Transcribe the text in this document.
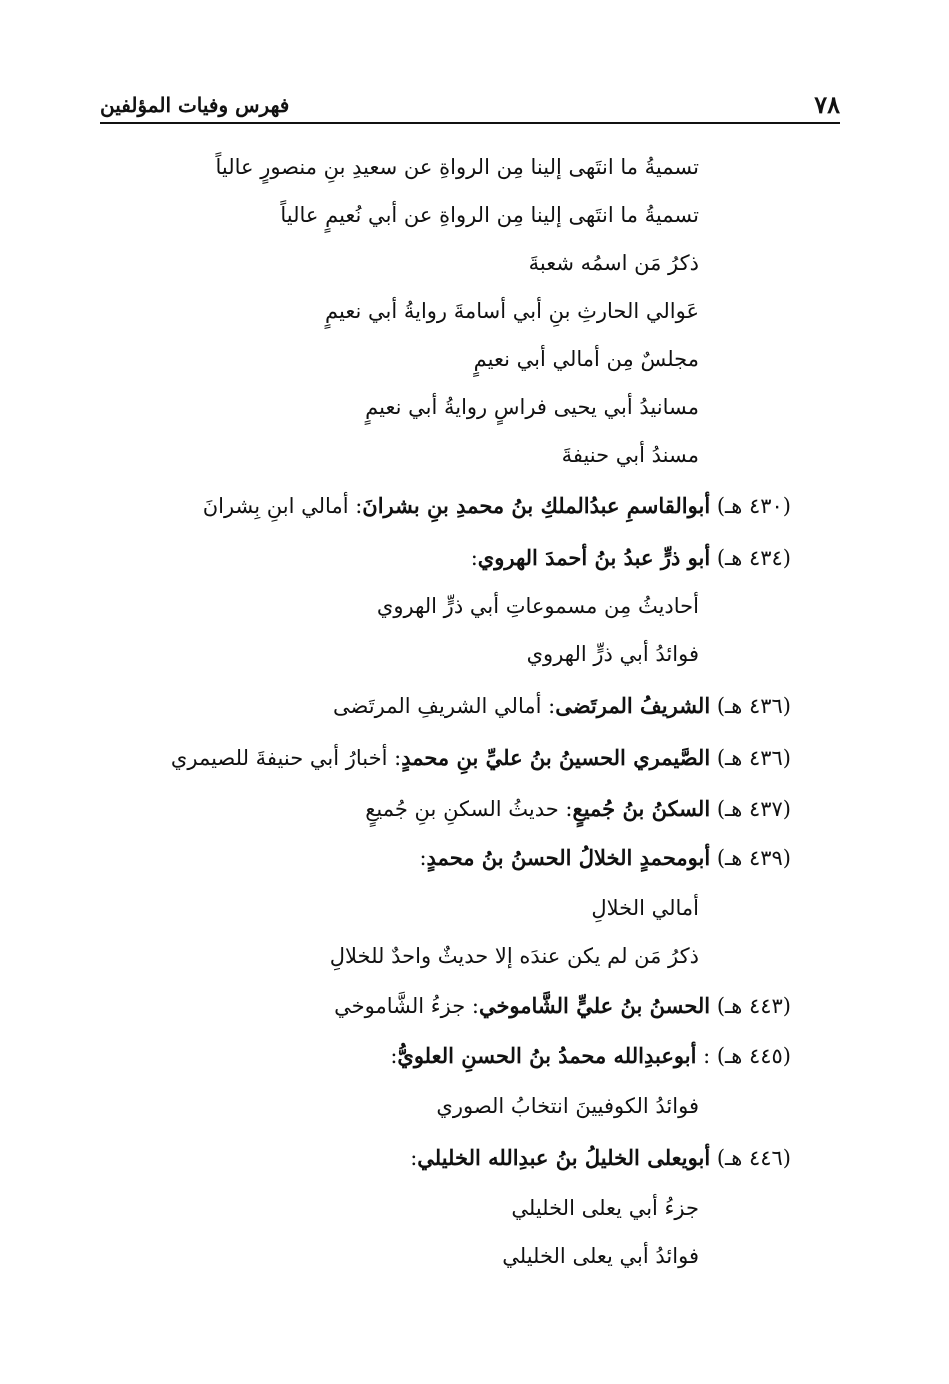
٧٨
فهرس وفيات المؤلفين
تسميةُ ما انتَهى إلينا مِن الرواةِ عن سعيدِ بنِ منصورٍ عالياً
تسميةُ ما انتَهى إلينا مِن الرواةِ عن أبي نُعيمٍ عالياً
ذكرُ مَن اسمُه شعبةَ
عَوالي الحارثِ بنِ أبي أسامةَ روايةُ أبي نعيمٍ
مجلسٌ مِن أمالي أبي نعيمٍ
مسانيدُ أبي يحيى فراسٍ روايةُ أبي نعيمٍ
مسندُ أبي حنيفةَ
(٤٣٠ هـ) أبوالقاسمِ عبدُالملكِ بنُ محمدِ بنِ بشرانَ: أمالي ابنِ بِشرانَ
(٤٣٤ هـ) أبو ذرٍّ عبدُ بنُ أحمدَ الهروي:
أحاديثُ مِن مسموعاتِ أبي ذرٍّ الهروي
فوائدُ أبي ذرٍّ الهروي
(٤٣٦ هـ) الشريفُ المرتَضى: أمالي الشريفِ المرتَضى
(٤٣٦ هـ) الصَّيمري الحسينُ بنُ عليِّ بنِ محمدٍ: أخبارُ أبي حنيفةَ للصيمري
(٤٣٧ هـ) السكنُ بنُ جُميعٍ: حديثُ السكنِ بنِ جُميعٍ
(٤٣٩ هـ) أبومحمدٍ الخلالُ الحسنُ بنُ محمدٍ:
أمالي الخلالِ
ذكرُ مَن لم يكن عندَه إلا حديثٌ واحدٌ للخلالِ
(٤٤٣ هـ) الحسنُ بنُ عليٍّ الشَّاموخي: جزءُ الشَّاموخي
(٤٤٥ هـ) : أبوعبدِالله محمدُ بنُ الحسنِ العلويُّ:
فوائدُ الكوفيينَ انتخابُ الصوري
(٤٤٦ هـ) أبويعلى الخليلُ بنُ عبدِالله الخليلي:
جزءُ أبي يعلى الخليلي
فوائدُ أبي يعلى الخليلي
